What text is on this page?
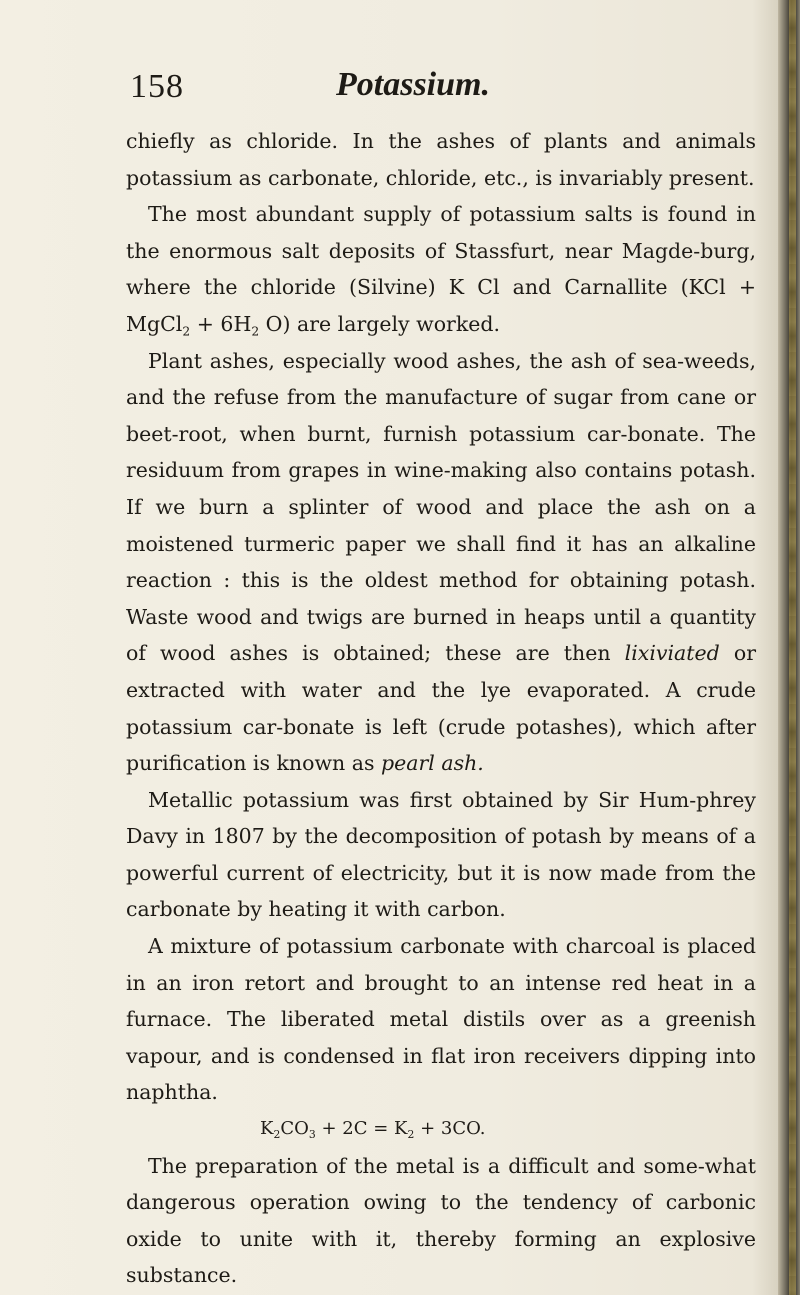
158	Potassium.

chiefly as chloride. In the ashes of plants and animals potassium as carbonate, chloride, etc., is invariably present.

The most abundant supply of potassium salts is found in the enormous salt deposits of Stassfurt, near Magde-burg, where the chloride (Silvine) K Cl and Carnallite (KCl + MgCl$_2$ + $6H_2$ O) are largely worked.

Plant ashes, especially wood ashes, the ash of sea-weeds, and the refuse from the manufacture of sugar from cane or beet-root, when burnt, furnish potassium car-bonate. The residuum from grapes in wine-making also contains potash. If we burn a splinter of wood and place the ash on a moistened turmeric paper we shall find it has an alkaline reaction : this is the oldest method for obtaining potash. Waste wood and twigs are burned in heaps until a quantity of wood ashes is obtained; these are then lixiviated or extracted with water and the lye evaporated. A crude potassium car-bonate is left (crude potashes), which after purification is known as pearl ash.

Metallic potassium was first obtained by Sir Hum-phrey Davy in 1807 by the decomposition of potash by means of a powerful current of electricity, but it is now made from the carbonate by heating it with carbon.

A mixture of potassium carbonate with charcoal is placed in an iron retort and brought to an intense red heat in a furnace. The liberated metal distils over as a greenish vapour, and is condensed in flat iron receivers dipping into naphtha.

$K_2CO_3 + 2C = K_2 + 3CO$.

The preparation of the metal is a difficult and some-what dangerous operation owing to the tendency of carbonic oxide to unite with it, thereby forming an explosive substance.
